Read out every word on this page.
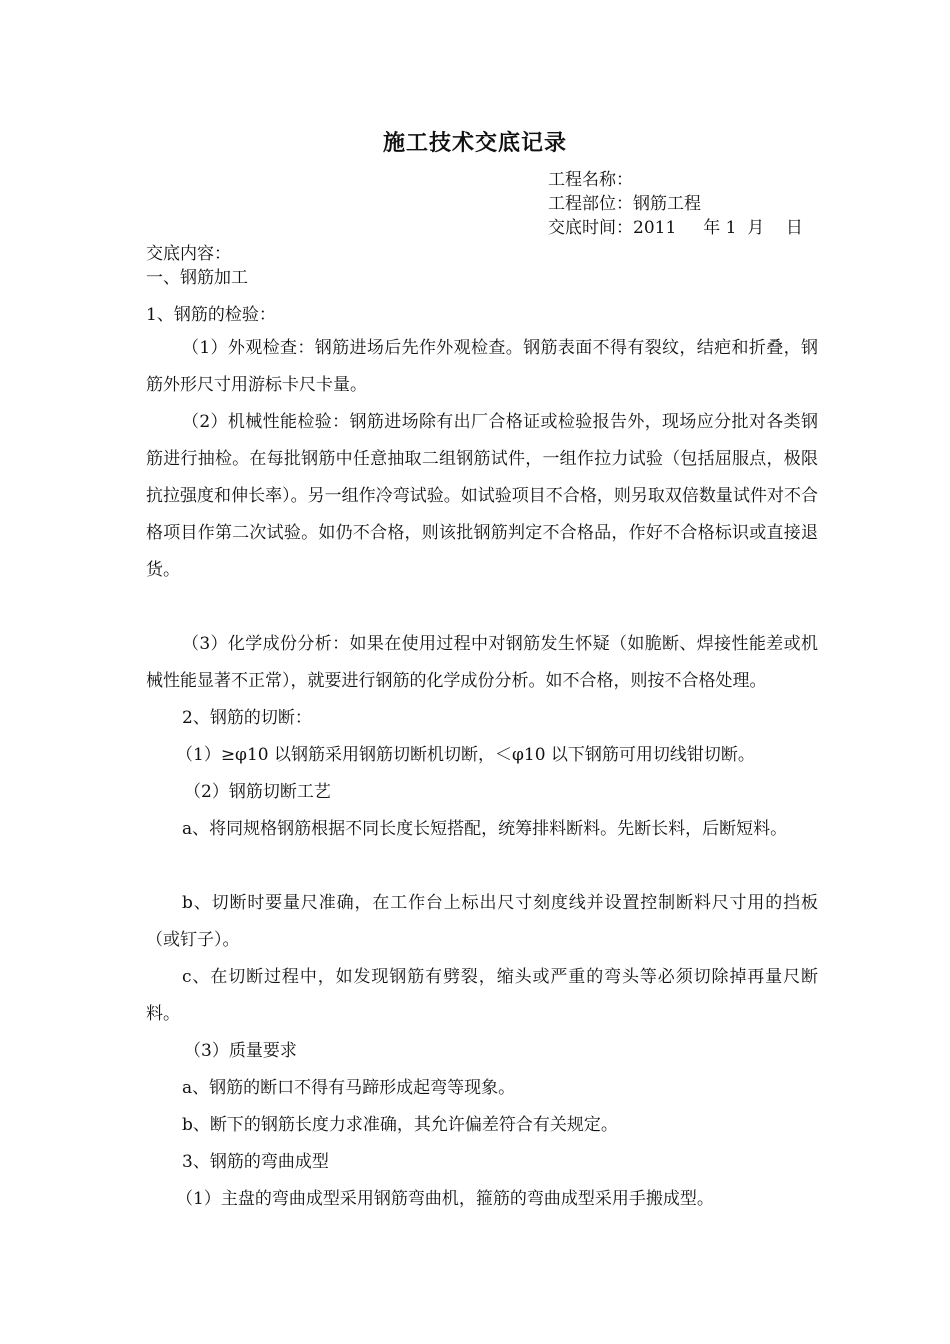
施工技术交底记录
工程名称：
工程部位：钢筋工程
交底时间：2011     年 1  月    日
交底内容：
一、钢筋加工
1、钢筋的检验：
（1）外观检查：钢筋进场后先作外观检查。钢筋表面不得有裂纹，结疤和折叠，钢筋外形尺寸用游标卡尺卡量。
（2）机械性能检验：钢筋进场除有出厂合格证或检验报告外，现场应分批对各类钢筋进行抽检。在每批钢筋中任意抽取二组钢筋试件，一组作拉力试验（包括屈服点，极限抗拉强度和伸长率）。另一组作冷弯试验。如试验项目不合格，则另取双倍数量试件对不合格项目作第二次试验。如仍不合格，则该批钢筋判定不合格品，作好不合格标识或直接退货。
（3）化学成份分析：如果在使用过程中对钢筋发生怀疑（如脆断、焊接性能差或机械性能显著不正常），就要进行钢筋的化学成份分析。如不合格，则按不合格处理。
2、钢筋的切断：
（1）≥φ10 以钢筋采用钢筋切断机切断，＜φ10 以下钢筋可用切线钳切断。
（2）钢筋切断工艺
a、将同规格钢筋根据不同长度长短搭配，统筹排料断料。先断长料，后断短料。
b、切断时要量尺准确，在工作台上标出尺寸刻度线并设置控制断料尺寸用的挡板（或钉子）。
c、在切断过程中，如发现钢筋有劈裂，缩头或严重的弯头等必须切除掉再量尺断料。
（3）质量要求
a、钢筋的断口不得有马蹄形成起弯等现象。
b、断下的钢筋长度力求准确，其允许偏差符合有关规定。
3、钢筋的弯曲成型
（1）主盘的弯曲成型采用钢筋弯曲机，箍筋的弯曲成型采用手搬成型。
